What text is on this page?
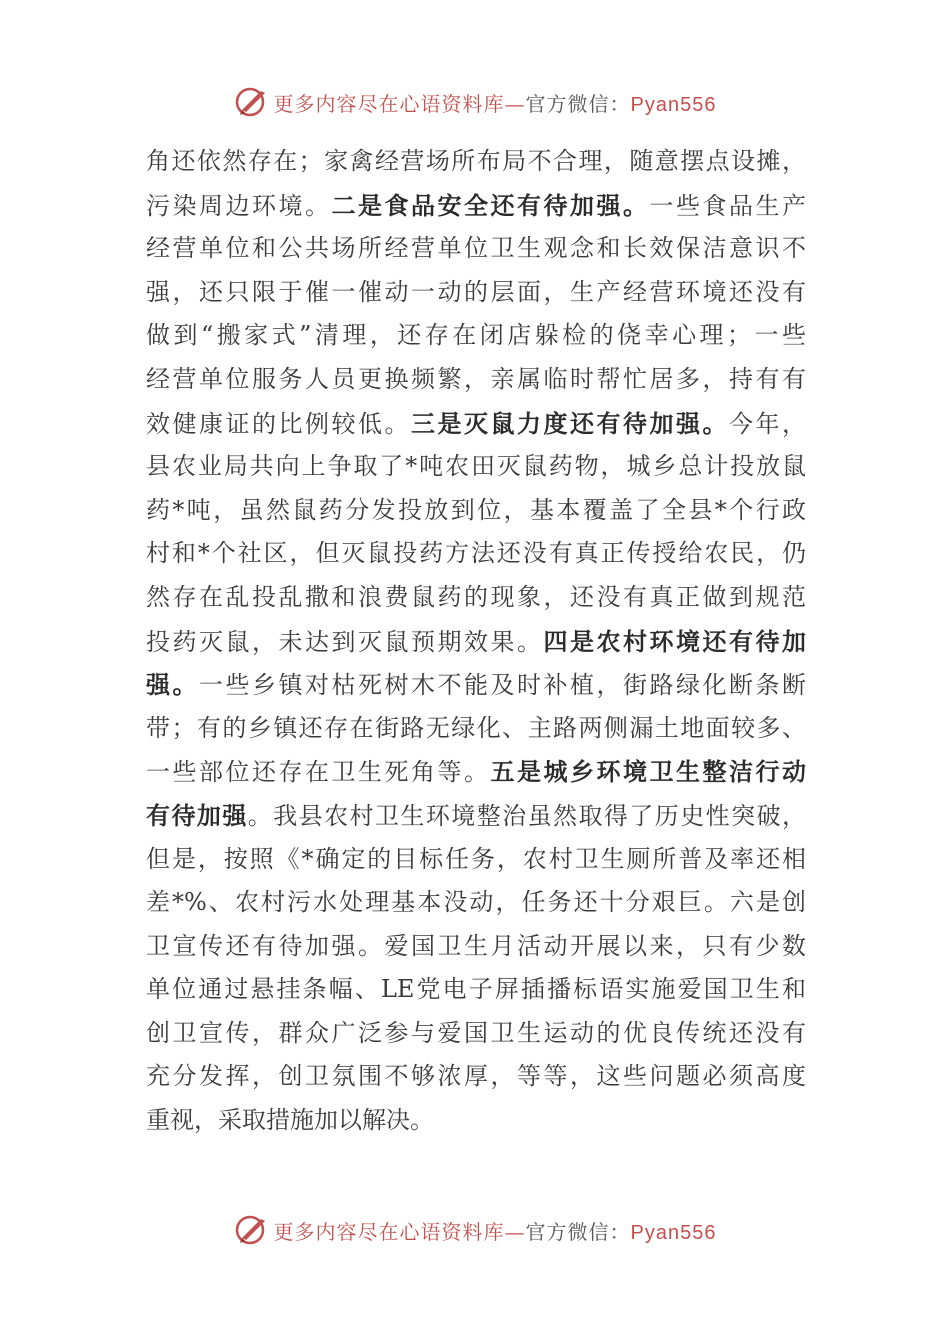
更多内容尽在心语资料库—官方微信：Pyan556
角还依然存在；家禽经营场所布局不合理，随意摆点设摊，
污染周边环境。二是食品安全还有待加强。一些食品生产
经营单位和公共场所经营单位卫生观念和长效保洁意识不
强，还只限于催一催动一动的层面，生产经营环境还没有
做到“搬家式”清理，还存在闭店躲检的侥幸心理；一些
经营单位服务人员更换频繁，亲属临时帮忙居多，持有有
效健康证的比例较低。三是灭鼠力度还有待加强。今年，
县农业局共向上争取了*吨农田灭鼠药物，城乡总计投放鼠
药*吨，虽然鼠药分发投放到位，基本覆盖了全县*个行政
村和*个社区，但灭鼠投药方法还没有真正传授给农民，仍
然存在乱投乱撒和浪费鼠药的现象，还没有真正做到规范
投药灭鼠，未达到灭鼠预期效果。四是农村环境还有待加
强。一些乡镇对枯死树木不能及时补植，街路绿化断条断
带；有的乡镇还存在街路无绿化、主路两侧漏土地面较多、
一些部位还存在卫生死角等。五是城乡环境卫生整洁行动
有待加强。我县农村卫生环境整治虽然取得了历史性突破，
但是，按照《*确定的目标任务，农村卫生厕所普及率还相
差*%、农村污水处理基本没动，任务还十分艰巨。六是创
卫宣传还有待加强。爱国卫生月活动开展以来，只有少数
单位通过悬挂条幅、LE党电子屏插播标语实施爱国卫生和
创卫宣传，群众广泛参与爱国卫生运动的优良传统还没有
充分发挥，创卫氛围不够浓厚，等等，这些问题必须高度
重视，采取措施加以解决。
更多内容尽在心语资料库—官方微信：Pyan556
